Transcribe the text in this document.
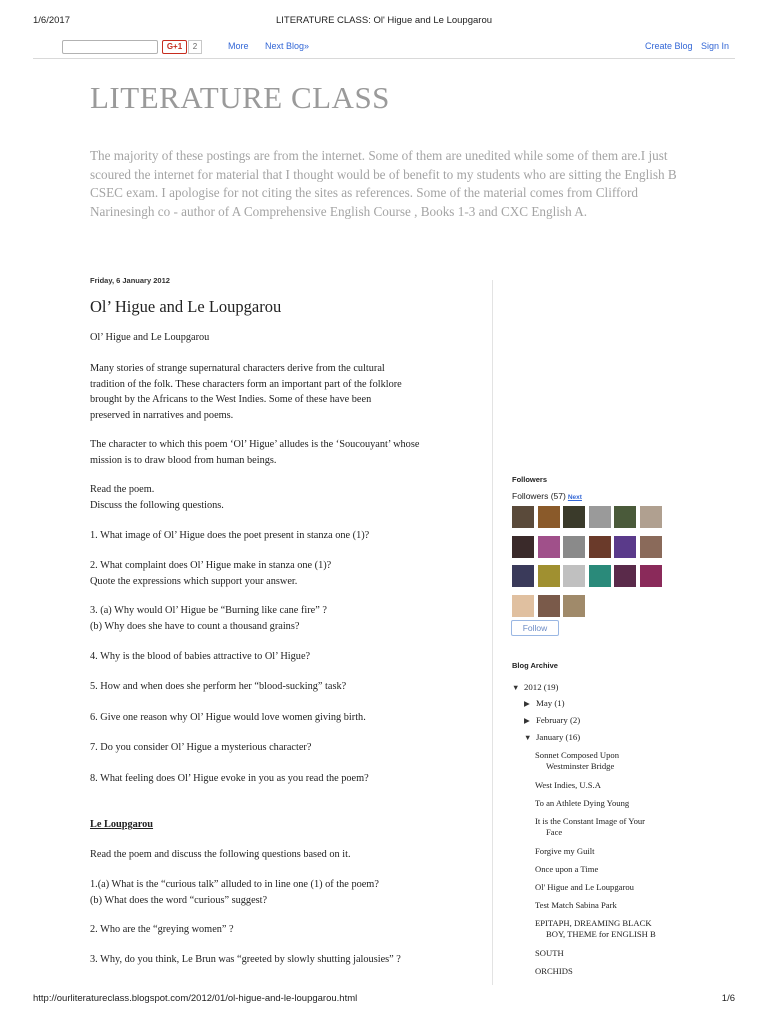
1/6/2017	LITERATURE CLASS: Ol' Higue and Le Loupgarou
G+1	2	More Next Blog»	Create Blog Sign In
LITERATURE CLASS
The majority of these postings are from the internet. Some of them are unedited while some of them are.I just scoured the internet for material that I thought would be of benefit to my students who are sitting the English B CSEC exam. I apologise for not citing the sites as references. Some of the material comes from Clifford Narinesingh co - author of A Comprehensive English Course , Books 1-3 and CXC English A.
Friday, 6 January 2012
Ol’ Higue and Le Loupgarou
Ol’ Higue and Le Loupgarou
Many stories of strange supernatural characters derive from the cultural
tradition of the folk. These characters form an important part of the folklore
brought by the Africans to the West Indies. Some of these have been
preserved in narratives and poems.
The character to which this poem ‘Ol’ Higue’ alludes is the ‘Soucouyant’ whose
mission is to draw blood from human beings.
Read the poem.
Discuss the following questions.
1. What image of Ol’ Higue does the poet present in stanza one (1)?
2. What complaint does Ol’ Higue make in stanza one (1)?
Quote the expressions which support your answer.
3. (a) Why would Ol’ Higue be “Burning like cane fire” ?
(b) Why does she have to count a thousand grains?
4. Why is the blood of babies attractive to Ol’ Higue?
5. How and when does she perform her “blood-sucking” task?
6. Give one reason why Ol’ Higue would love women giving birth.
7. Do you consider Ol’ Higue a mysterious character?
8. What feeling does Ol’ Higue evoke in you as you read the poem?
Le Loupgarou
Read the poem and discuss the following questions based on it.
1.(a) What is the “curious talk” alluded to in line one (1) of the poem?
(b) What does the word “curious” suggest?
2. Who are the “greying women” ?
3. Why, do you think, Le Brun was “greeted by slowly shutting jalousies” ?
Followers
Followers (57) Next
Follow
Blog Archive
▼ 2012 (19)
▶ May (1)
▶ February (2)
▼ January (16)
Sonnet Composed Upon
Westminster Bridge
West Indies, U.S.A
To an Athlete Dying Young
It is the Constant Image of Your
Face
Forgive my Guilt
Once upon a Time
Ol' Higue and Le Loupgarou
Test Match Sabina Park
EPITAPH, DREAMING BLACK
BOY, THEME for ENGLISH B
SOUTH
ORCHIDS
http://ourliteratureclass.blogspot.com/2012/01/ol-higue-and-le-loupgarou.html	1/6
